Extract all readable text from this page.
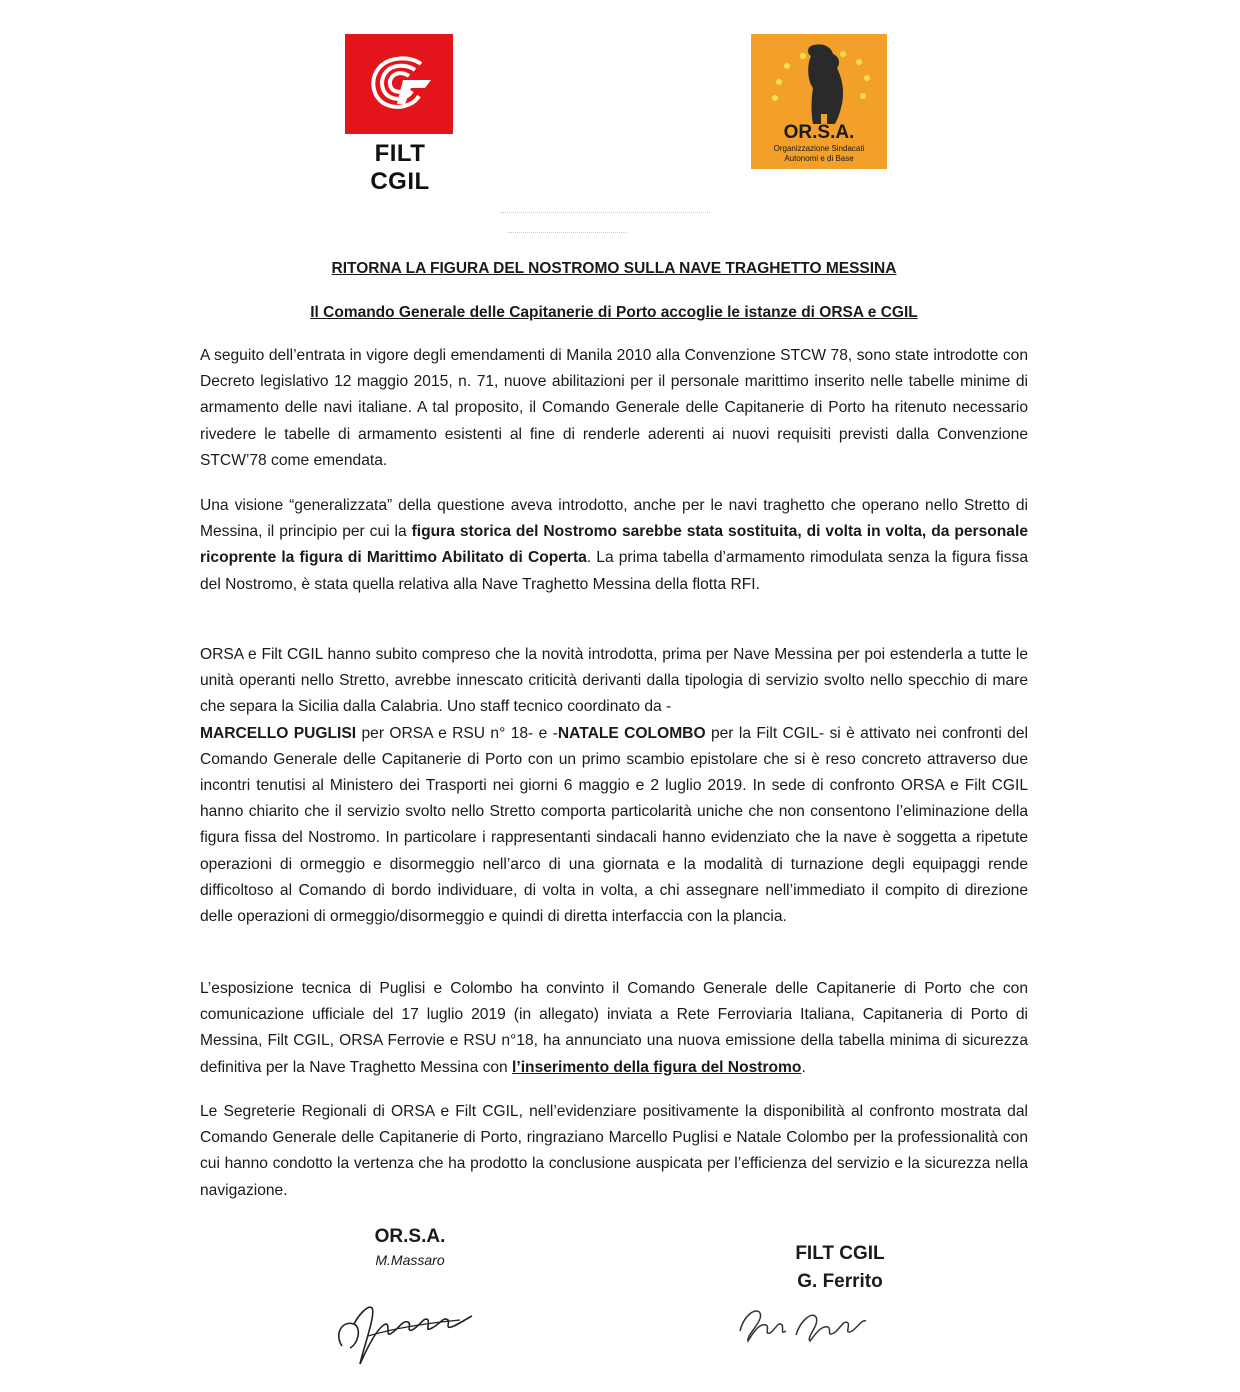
FILT CGIL
OR.S.A.
Organizzazione Sindacati
Autonomi e di Base
RITORNA LA FIGURA DEL NOSTROMO SULLA NAVE TRAGHETTO MESSINA
Il Comando Generale delle Capitanerie di Porto accoglie le istanze di ORSA e CGIL

A seguito dell’entrata in vigore degli emendamenti di Manila 2010 alla Convenzione STCW 78, sono state introdotte con Decreto legislativo 12 maggio 2015, n. 71, nuove abilitazioni per il personale marittimo inserito nelle tabelle minime di armamento delle navi italiane. A tal proposito, il Comando Generale delle Capitanerie di Porto ha ritenuto necessario rivedere le tabelle di armamento esistenti al fine di renderle aderenti ai nuovi requisiti previsti dalla Convenzione STCW’78 come emendata.

Una visione “generalizzata” della questione aveva introdotto, anche per le navi traghetto che operano nello Stretto di Messina, il principio per cui la figura storica del Nostromo sarebbe stata sostituita, di volta in volta, da personale ricoprente la figura di Marittimo Abilitato di Coperta. La prima tabella d’armamento rimodulata senza la figura fissa del Nostromo, è stata quella relativa alla Nave Traghetto Messina della flotta RFI.

ORSA e Filt CGIL hanno subito compreso che la novità introdotta, prima per Nave Messina per poi estenderla a tutte le unità operanti nello Stretto, avrebbe innescato criticità derivanti dalla tipologia di servizio svolto nello specchio di mare che separa la Sicilia dalla Calabria. Uno staff tecnico coordinato da -
MARCELLO PUGLISI per ORSA e RSU n° 18- e -NATALE COLOMBO per la Filt CGIL- si è attivato nei confronti del Comando Generale delle Capitanerie di Porto con un primo scambio epistolare che si è reso concreto attraverso due incontri tenutisi al Ministero dei Trasporti nei giorni 6 maggio e 2 luglio 2019. In sede di confronto ORSA e Filt CGIL hanno chiarito che il servizio svolto nello Stretto comporta particolarità uniche che non consentono l’eliminazione della figura fissa del Nostromo. In particolare i rappresentanti sindacali hanno evidenziato che la nave è soggetta a ripetute operazioni di ormeggio e disormeggio nell’arco di una giornata e la modalità di turnazione degli equipaggi rende difficoltoso al Comando di bordo individuare, di volta in volta, a chi assegnare nell’immediato il compito di direzione delle operazioni di ormeggio/disormeggio e quindi di diretta interfaccia con la plancia.

L’esposizione tecnica di Puglisi e Colombo ha convinto il Comando Generale delle Capitanerie di Porto che con comunicazione ufficiale del 17 luglio 2019 (in allegato) inviata a Rete Ferroviaria Italiana, Capitaneria di Porto di Messina, Filt CGIL, ORSA Ferrovie e RSU n°18, ha annunciato una nuova emissione della tabella minima di sicurezza definitiva per la Nave Traghetto Messina con l’inserimento della figura del Nostromo.

Le Segreterie Regionali di ORSA e Filt CGIL, nell’evidenziare positivamente la disponibilità al confronto mostrata dal Comando Generale delle Capitanerie di Porto, ringraziano Marcello Puglisi e Natale Colombo per la professionalità con cui hanno condotto la vertenza che ha prodotto la conclusione auspicata per l’efficienza del servizio e la sicurezza nella navigazione.

OR.S.A.
M.Massaro	FILT CGIL
G. Ferrito
